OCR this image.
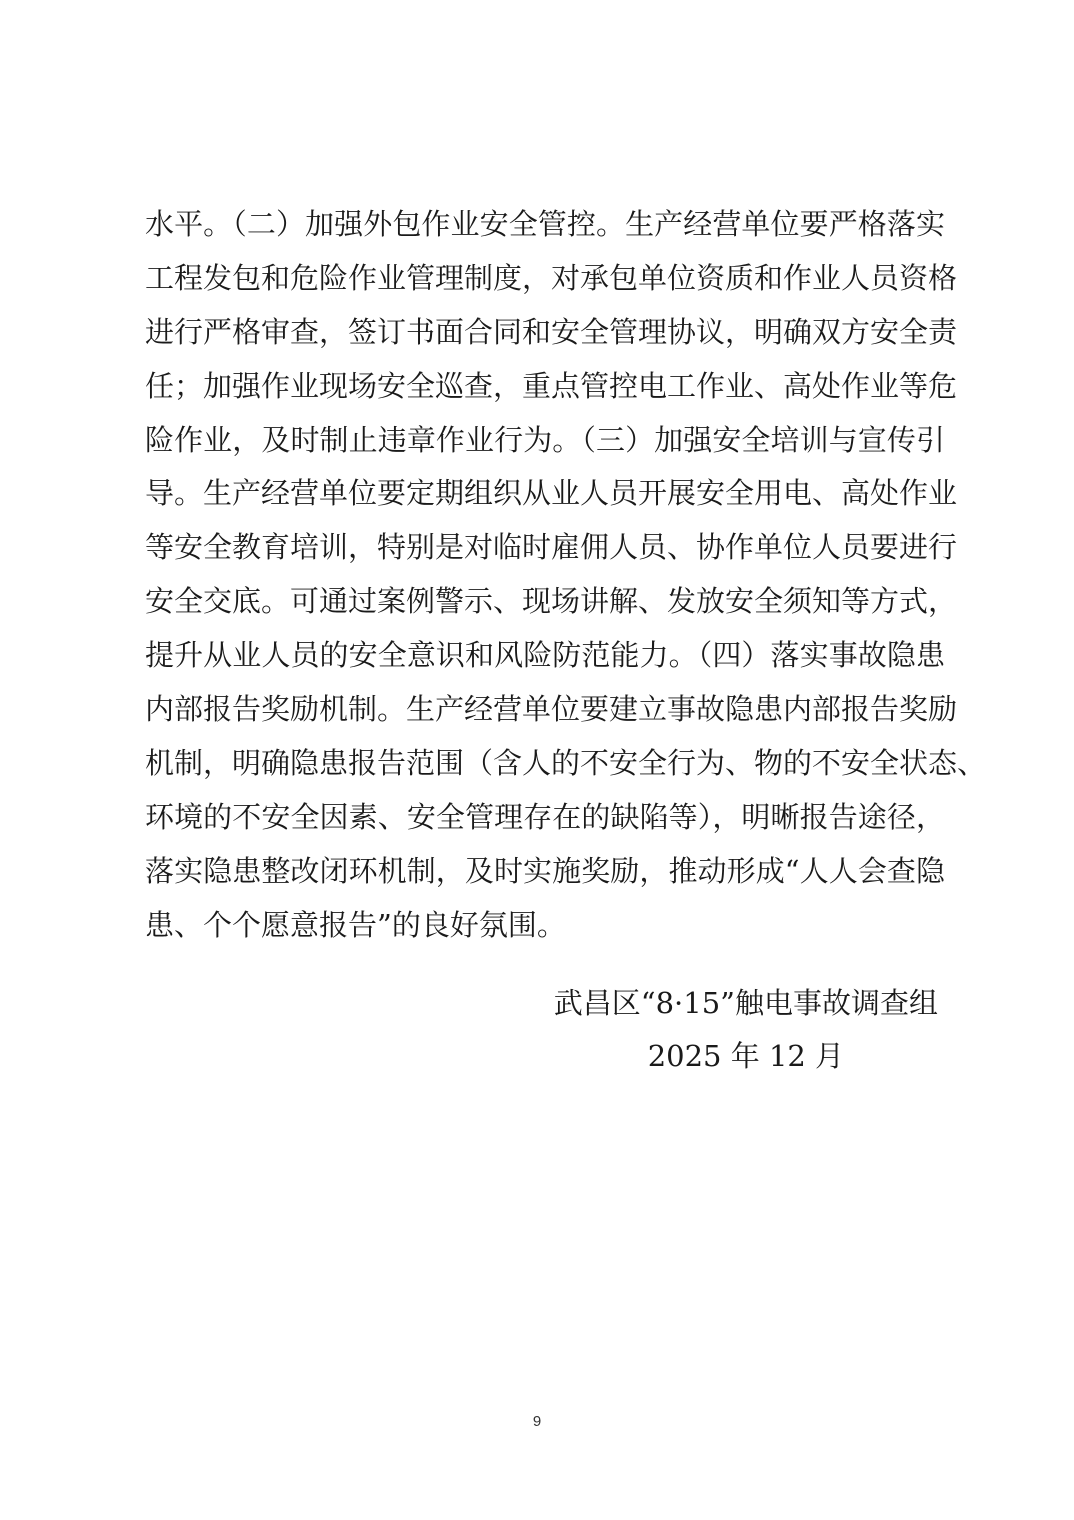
水平。（二）加强外包作业安全管控。生产经营单位要严格落实
工程发包和危险作业管理制度，对承包单位资质和作业人员资格
进行严格审查，签订书面合同和安全管理协议，明确双方安全责
任；加强作业现场安全巡查，重点管控电工作业、高处作业等危
险作业，及时制止违章作业行为。（三）加强安全培训与宣传引
导。生产经营单位要定期组织从业人员开展安全用电、高处作业
等安全教育培训，特别是对临时雇佣人员、协作单位人员要进行
安全交底。可通过案例警示、现场讲解、发放安全须知等方式，
提升从业人员的安全意识和风险防范能力。（四）落实事故隐患
内部报告奖励机制。生产经营单位要建立事故隐患内部报告奖励
机制，明确隐患报告范围（含人的不安全行为、物的不安全状态、
环境的不安全因素、安全管理存在的缺陷等），明晰报告途径，
落实隐患整改闭环机制，及时实施奖励，推动形成“人人会查隐
患、个个愿意报告”的良好氛围。
武昌区“8·15”触电事故调查组
2025 年 12 月
9
